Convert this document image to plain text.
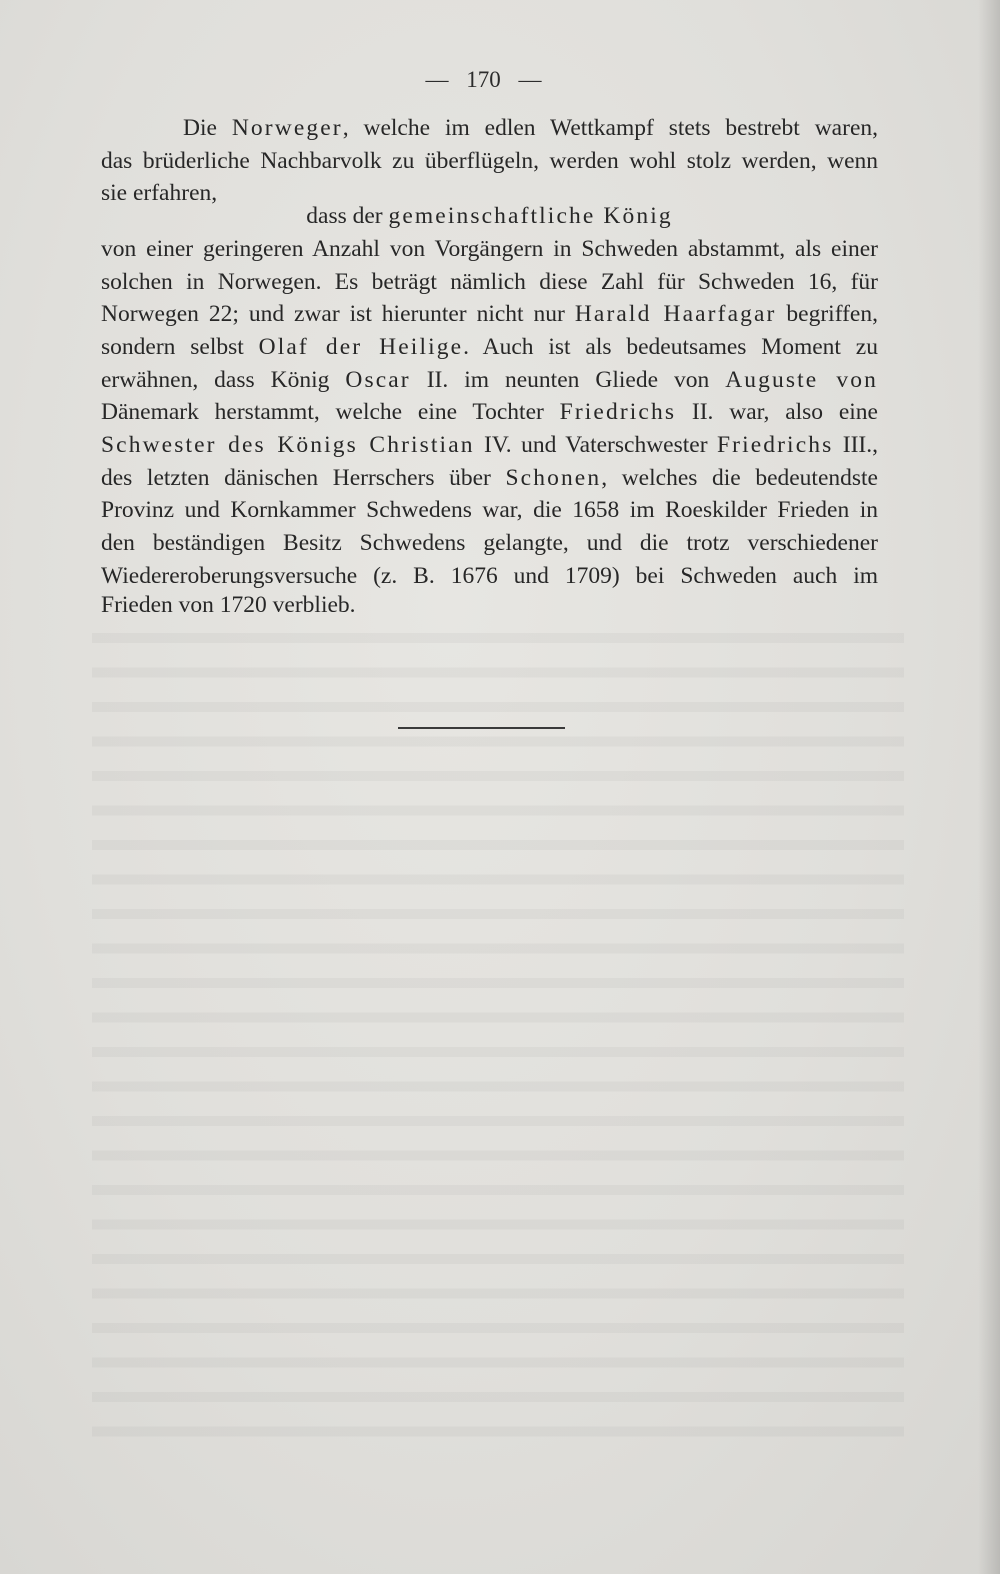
— 170 —
Die Norweger, welche im edlen Wettkampf stets bestrebt waren,
das brüderliche Nachbarvolk zu überflügeln, werden wohl stolz werden, wenn
sie erfahren,
dass der gemeinschaftliche König
von einer geringeren Anzahl von Vorgängern in Schweden abstammt, als einer
solchen in Norwegen. Es beträgt nämlich diese Zahl für Schweden 16, für
Norwegen 22; und zwar ist hierunter nicht nur Harald Haarfagar begriffen,
sondern selbst Olaf der Heilige. Auch ist als bedeutsames Moment zu
erwähnen, dass König Oscar II. im neunten Gliede von Auguste von
Dänemark herstammt, welche eine Tochter Friedrichs II. war, also eine
Schwester des Königs Christian IV. und Vaterschwester Friedrichs III.,
des letzten dänischen Herrschers über Schonen, welches die bedeutendste
Provinz und Kornkammer Schwedens war, die 1658 im Roeskilder Frieden in
den beständigen Besitz Schwedens gelangte, und die trotz verschiedener
Wiedereroberungsversuche (z. B. 1676 und 1709) bei Schweden auch im
Frieden von 1720 verblieb.
